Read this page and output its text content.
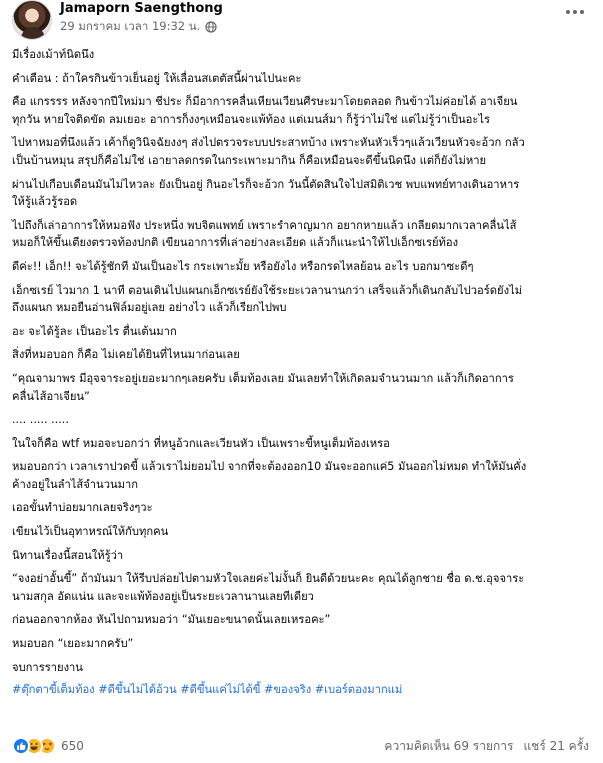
Jamaporn Saengthong
29 มกราคม เวลา 19:32 น.
มีเรื่องเม้าท์นิดนึง
คำเตือน : ถ้าใครกินข้าวเย็นอยู่ ให้เลื่อนสเตตัสนี้ผ่านไปนะคะ
คือ แกรรรร หลังจากปีใหม่มา ชีประ ก็มีอาการคลื่นเหียนเวียนศีรษะมาโดยตลอด กินข้าวไม่ค่อยได้ อาเจียน
ทุกวัน หายใจติดขัด ลมเยอะ อาการก็งงๆเหมือนจะแพ้ท้อง แต่เมนส์มา ก็รู้ว่าไม่ใช่ แต่ไม่รู้ว่าเป็นอะไร
ไปหาหมอที่นึงแล้ว เค้าก็ดูวินิจฉัยงงๆ ส่งไปตรวจระบบประสาทบ้าง เพราะหันหัวเร็วๆแล้วเวียนหัวจะอ้วก กลัว
เป็นบ้านหมุน สรุปก็คือไม่ใช่ เอายาลดกรดในกระเพาะมากิน ก็คือเหมือนจะดีขึ้นนิดนึง แต่ก็ยังไม่หาย
ผ่านไปเกือบเดือนมันไม่ไหวละ ยังเป็นอยู่ กินอะไรก็จะอ้วก วันนี้ตัดสินใจไปสมิติเวช พบแพทย์ทางเดินอาหาร
ให้รู้แล้วรู้รอด
ไปถึงก็เล่าอาการให้หมอฟัง ประหนึ่ง พบจิตแพทย์ เพราะรำคาญมาก อยากหายแล้ว เกลียดมากเวลาคลื่นไส้
หมอก็ให้ขึ้นเตียงตรวจท้องปกติ เขียนอาการที่เล่าอย่างละเอียด แล้วก็แนะนำให้ไปเอ็กซเรย์ท้อง
ดีค่ะ!! เอ็ก!! จะได้รู้ชักที มันเป็นอะไร กระเพาะมั้ย หรือยังไง หรือกรดไหลย้อน อะไร บอกมาซะดีๆ
เอ็กซเรย์ ไวมาก 1 นาที ตอนเดินไปแผนกเอ็กซเรย์ยังใช้ระยะเวลานานกว่า เสร็จแล้วก็เดินกลับไปวอร์ดยังไม่
ถึงแผนก หมอยืนอ่านฟิล์มอยู่เลย อย่างไว แล้วก็เรียกไปพบ
อะ จะได้รู้ละ เป็นอะไร ตื่นเต้นมาก
สิ่งที่หมอบอก ก็คือ ไม่เคยได้ยินที่ไหนมาก่อนเลย
“คุณจามาพร มีอุจจาระอยู่เยอะมากๆเลยครับ เต็มท้องเลย มันเลยทำให้เกิดลมจำนวนมาก แล้วก็เกิดอาการ
คลื่นไส้อาเจียน”
.... ..... .....
ในใจก็คือ wtf หมอจะบอกว่า ที่หนูอ้วกและเวียนหัว เป็นเพราะขี้หนูเต็มท้องเหรอ
หมอบอกว่า เวลาเราปวดขี้ แล้วเราไม่ยอมไป จากที่จะต้องออก10 มันจะออกแค่5 มันออกไม่หมด ทำให้มันคั่ง
ค้างอยู่ในลำไส้จำนวนมาก
เออขั้นทำบ่อยมากเลยจริงๆวะ
เขียนไว้เป็นอุทาหรณ์ให้กับทุกคน
นิทานเรื่องนี้สอนให้รู้ว่า
“จงอย่าอั้นขี้” ถ้ามันมา ให้รีบปล่อยไปตามหัวใจเลยค่ะไม่งั้นก็ ยินดีด้วยนะคะ คุณได้ลูกชาย ชื่อ ด.ช.อุจจาระ
นามสกุล อัดแน่น และจะแพ้ท้องอยู่เป็นระยะเวลานานเลยทีเดียว
ก่อนออกจากห้อง หันไปถามหมอว่า “มันเยอะขนาดนั้นเลยเหรอคะ”
หมอบอก “เยอะมากครับ”
จบการรายงาน
#ตุ๊กตาขี้เต็มท้อง #ดีขึ้นไม่ได้อ้วน #ดีขึ้นแค่ไม่ได้ขี้ #ของจริง #เบอร์ตองมากแม่
650	ความคิดเห็น 69 รายการ แชร์ 21 ครั้ง
